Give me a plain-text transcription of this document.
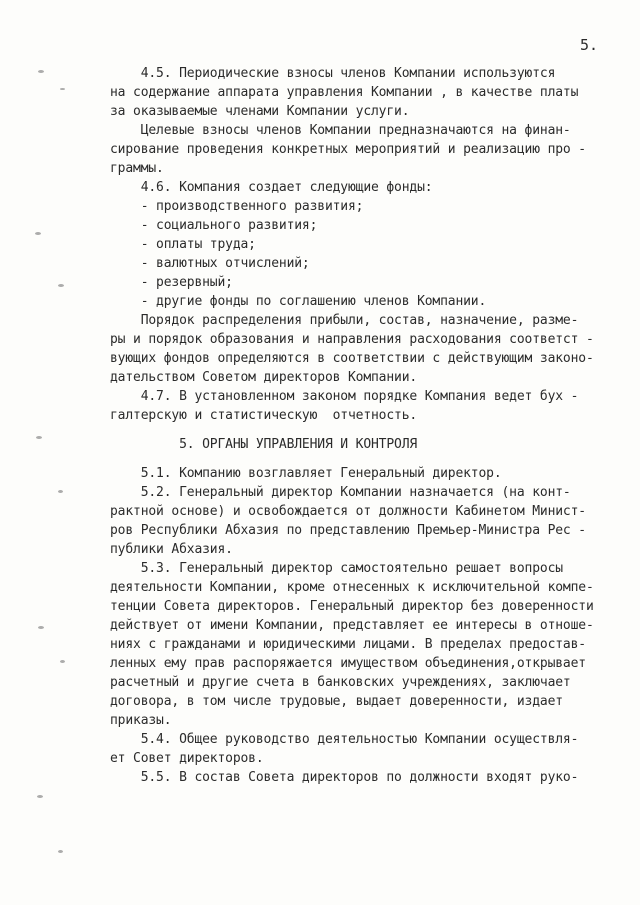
5.
4.5. Периодические взносы членов Компании используются
на содержание аппарата управления Компании , в качестве платы
за оказываемые членами Компании услуги.
Целевые взносы членов Компании предназначаются на финан-
сирование проведения конкретных мероприятий и реализацию про -
граммы.
4.6. Компания создает следующие фонды:
- производственного развития;
- социального развития;
- оплаты труда;
- валютных отчислений;
- резервный;
- другие фонды по соглашению членов Компании.
Порядок распределения прибыли, состав, назначение, разме-
ры и порядок образования и направления расходования соответст -
вующих фондов определяются в соответствии с действующим законо-
дательством Советом директоров Компании.
4.7. В установленном законом порядке Компания ведет бух -
галтерскую и статистическую  отчетность.
5. ОРГАНЫ УПРАВЛЕНИЯ И КОНТРОЛЯ
5.1. Компанию возглавляет Генеральный директор.
5.2. Генеральный директор Компании назначается (на конт-
рактной основе) и освобождается от должности Кабинетом Минист-
ров Республики Абхазия по представлению Премьер-Министра Рес -
публики Абхазия.
5.3. Генеральный директор самостоятельно решает вопросы
деятельности Компании, кроме отнесенных к исключительной компе-
тенции Совета директоров. Генеральный директор без доверенности
действует от имени Компании, представляет ее интересы в отноше-
ниях с гражданами и юридическими лицами. В пределах предостав-
ленных ему прав распоряжается имуществом объединения,открывает
расчетный и другие счета в банковских учреждениях, заключает
договора, в том числе трудовые, выдает доверенности, издает
приказы.
5.4. Общее руководство деятельностью Компании осуществля-
ет Совет директоров.
5.5. В состав Совета директоров по должности входят руко-
